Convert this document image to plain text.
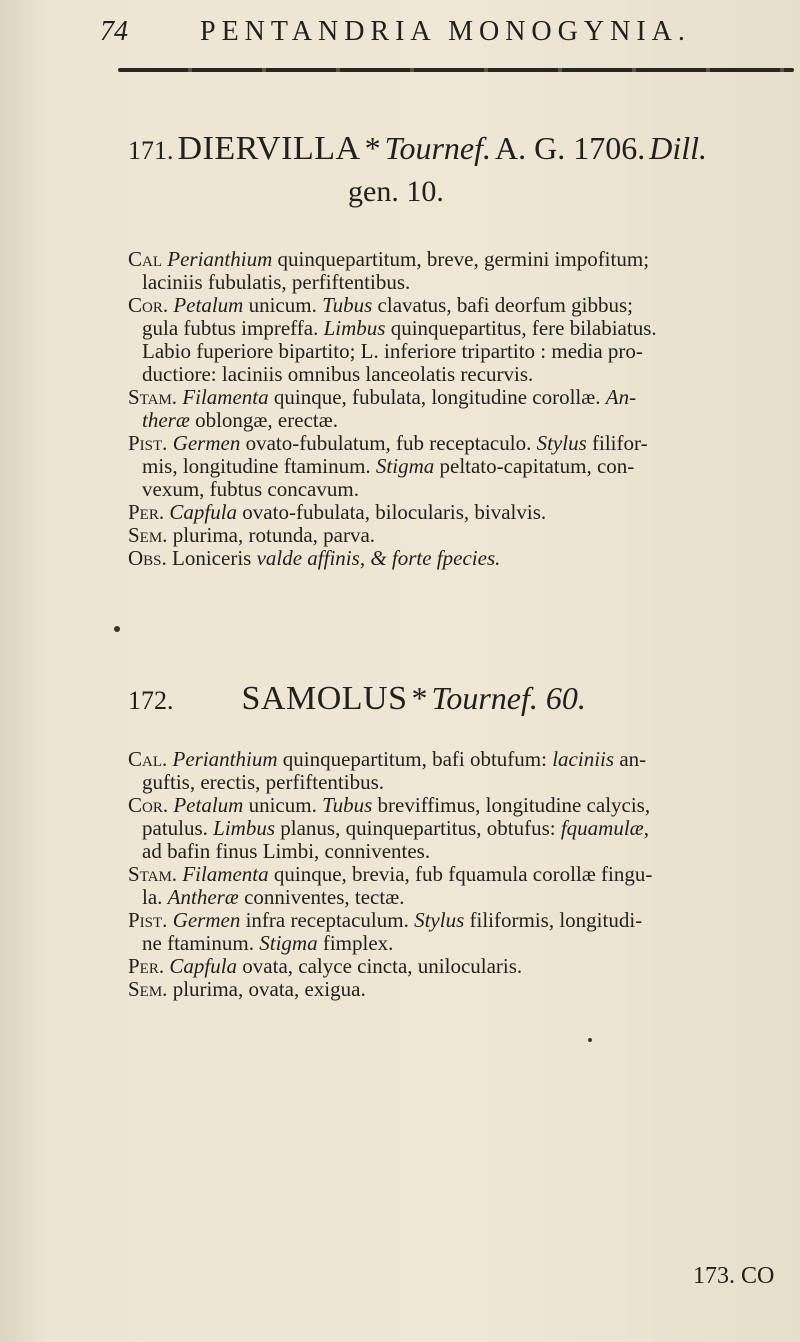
74	PENTANDRIA MONOGYNIA.
171. DIERVILLA * Tournef. A. G. 1706. Dill.
gen. 10.
Cal Perianthium quinquepartitum, breve, germini impofitum;
laciniis fubulatis, perfiftentibus.
Cor. Petalum unicum. Tubus clavatus, bafi deorfum gibbus;
gula fubtus impreffa. Limbus quinquepartitus, fere bilabiatus.
Labio fuperiore bipartito; L. inferiore tripartito : media pro-
ductiore: laciniis omnibus lanceolatis recurvis.
Stam. Filamenta quinque, fubulata, longitudine corollæ. An-
theræ oblongæ, erectæ.
Pist. Germen ovato-fubulatum, fub receptaculo. Stylus filifor-
mis, longitudine ftaminum. Stigma peltato-capitatum, con-
vexum, fubtus concavum.
Per. Capfula ovato-fubulata, bilocularis, bivalvis.
Sem. plurima, rotunda, parva.
Obs. Loniceris valde affinis, & forte fpecies.
172. SAMOLUS * Tournef. 60.
Cal. Perianthium quinquepartitum, bafi obtufum: laciniis an-
guftis, erectis, perfiftentibus.
Cor. Petalum unicum. Tubus breviffimus, longitudine calycis,
patulus. Limbus planus, quinquepartitus, obtufus: fquamulæ,
ad bafin finus Limbi, conniventes.
Stam. Filamenta quinque, brevia, fub fquamula corollæ fingu-
la. Antheræ conniventes, tectæ.
Pist. Germen infra receptaculum. Stylus filiformis, longitudi-
ne ftaminum. Stigma fimplex.
Per. Capfula ovata, calyce cincta, unilocularis.
Sem. plurima, ovata, exigua.
173. CO
